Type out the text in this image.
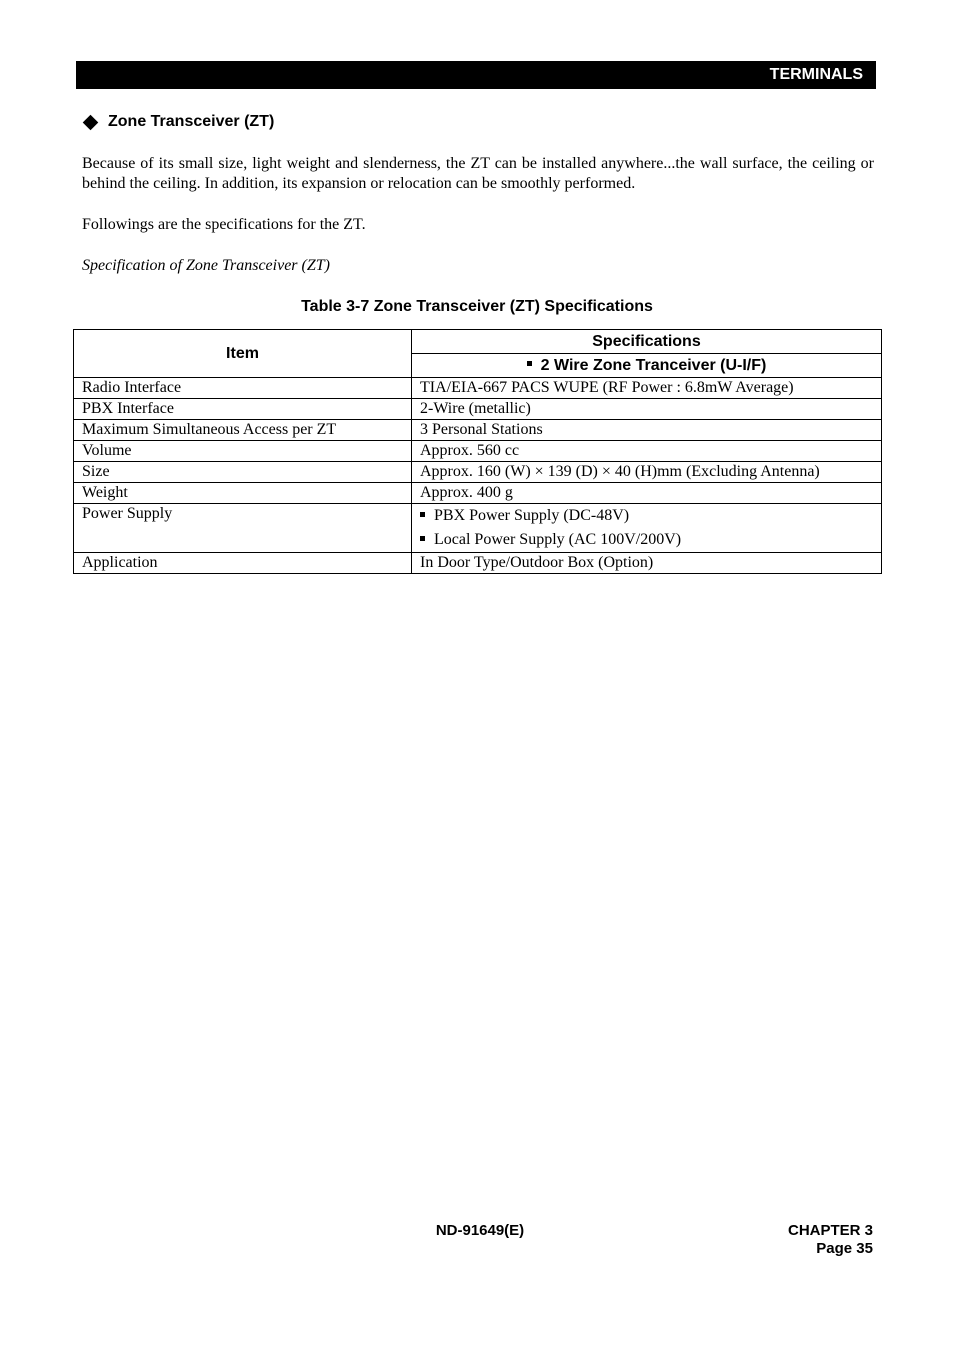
TERMINALS
Zone Transceiver (ZT)
Because of its small size, light weight and slenderness, the ZT can be installed anywhere...the wall surface, the ceiling or behind the ceiling. In addition, its expansion or relocation can be smoothly performed.
Followings are the specifications for the ZT.
Specification of Zone Transceiver (ZT)
Table 3-7 Zone Transceiver (ZT) Specifications
Item	Specifications
	2 Wire Zone Tranceiver (U-I/F)
Radio Interface	TIA/EIA-667 PACS WUPE (RF Power : 6.8mW Average)
PBX Interface	2-Wire (metallic)
Maximum Simultaneous Access per ZT	3 Personal Stations
Volume	Approx. 560 cc
Size	Approx. 160 (W) × 139 (D) × 40 (H)mm (Excluding Antenna)
Weight	Approx. 400 g
Power Supply	PBX Power Supply (DC-48V)
Local Power Supply (AC 100V/200V)

Application	In Door Type/Outdoor Box (Option)
ND-91649(E)	CHAPTER 3
Page 35
